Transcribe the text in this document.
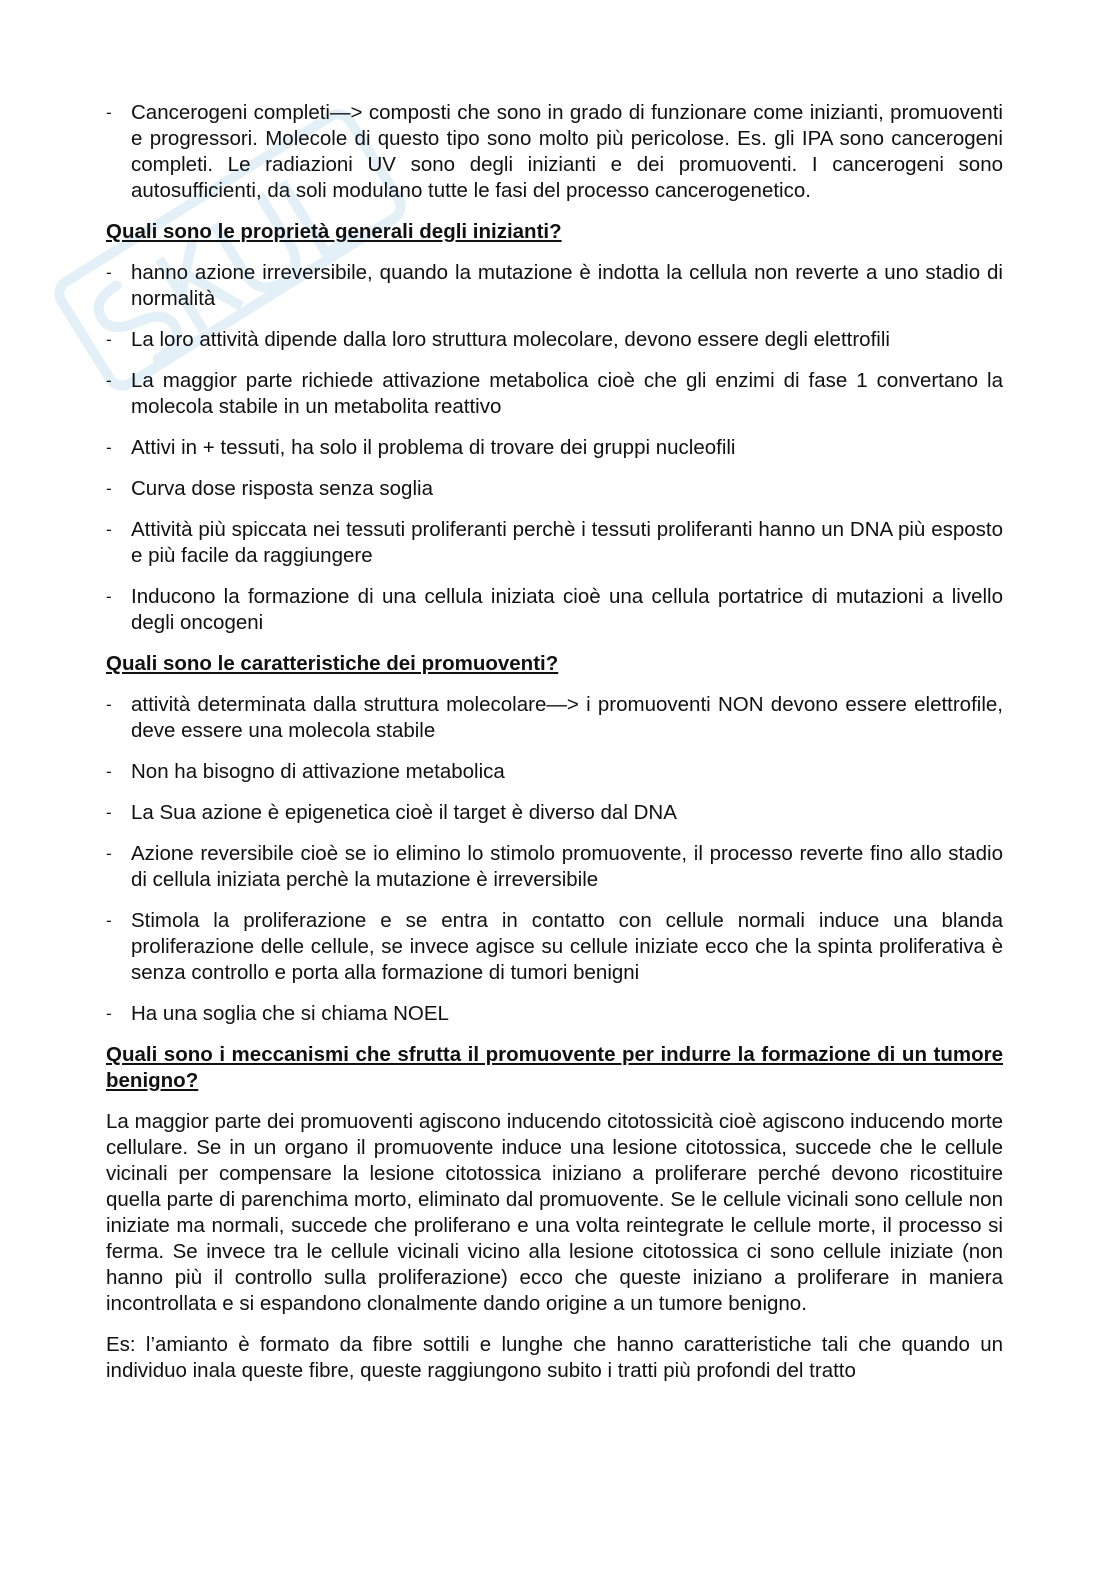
- Cancerogeni completi—> composti che sono in grado di funzionare come inizianti, promuoventi e progressori. Molecole di questo tipo sono molto più pericolose. Es. gli IPA sono cancerogeni completi. Le radiazioni UV sono degli inizianti e dei promuoventi. I cancerogeni sono autosufficienti, da soli modulano tutte le fasi del processo cancerogenetico.
Quali sono le proprietà generali degli inizianti?
- hanno azione irreversibile, quando la mutazione è indotta la cellula non reverte a uno stadio di normalità
- La loro attività dipende dalla loro struttura molecolare, devono essere degli elettrofili
- La maggior parte richiede attivazione metabolica cioè che gli enzimi di fase 1 convertano la molecola stabile in un metabolita reattivo
- Attivi in + tessuti, ha solo il problema di trovare dei gruppi nucleofili
- Curva dose risposta senza soglia
- Attività più spiccata nei tessuti proliferanti perchè i tessuti proliferanti hanno un DNA più esposto e più facile da raggiungere
- Inducono la formazione di una cellula iniziata cioè una cellula portatrice di mutazioni a livello degli oncogeni
Quali sono le caratteristiche dei promuoventi?
- attività determinata dalla struttura molecolare—> i promuoventi NON devono essere elettrofile, deve essere una molecola stabile
- Non ha bisogno di attivazione metabolica
- La Sua azione è epigenetica cioè il target è diverso dal DNA
- Azione reversibile cioè se io elimino lo stimolo promuovente, il processo reverte fino allo stadio di cellula iniziata perchè la mutazione è irreversibile
- Stimola la proliferazione e se entra in contatto con cellule normali induce una blanda proliferazione delle cellule, se invece agisce su cellule iniziate ecco che la spinta proliferativa è senza controllo e porta alla formazione di tumori benigni
- Ha una soglia che si chiama NOEL
Quali sono i meccanismi che sfrutta il promuovente per indurre la formazione di un tumore benigno?

La maggior parte dei promuoventi agiscono inducendo citotossicità cioè agiscono inducendo morte cellulare. Se in un organo il promuovente induce una lesione citotossica, succede che le cellule vicinali per compensare la lesione citotossica iniziano a proliferare perché devono ricostituire quella parte di parenchima morto, eliminato dal promuovente. Se le cellule vicinali sono cellule non iniziate ma normali, succede che proliferano e una volta reintegrate le cellule morte, il processo si ferma. Se invece tra le cellule vicinali vicino alla lesione citotossica ci sono cellule iniziate (non hanno più il controllo sulla proliferazione) ecco che queste iniziano a proliferare in maniera incontrollata e si espandono clonalmente dando origine a un tumore benigno.

Es: l’amianto è formato da fibre sottili e lunghe che hanno caratteristiche tali che quando un individuo inala queste fibre, queste raggiungono subito i tratti più profondi del tratto
